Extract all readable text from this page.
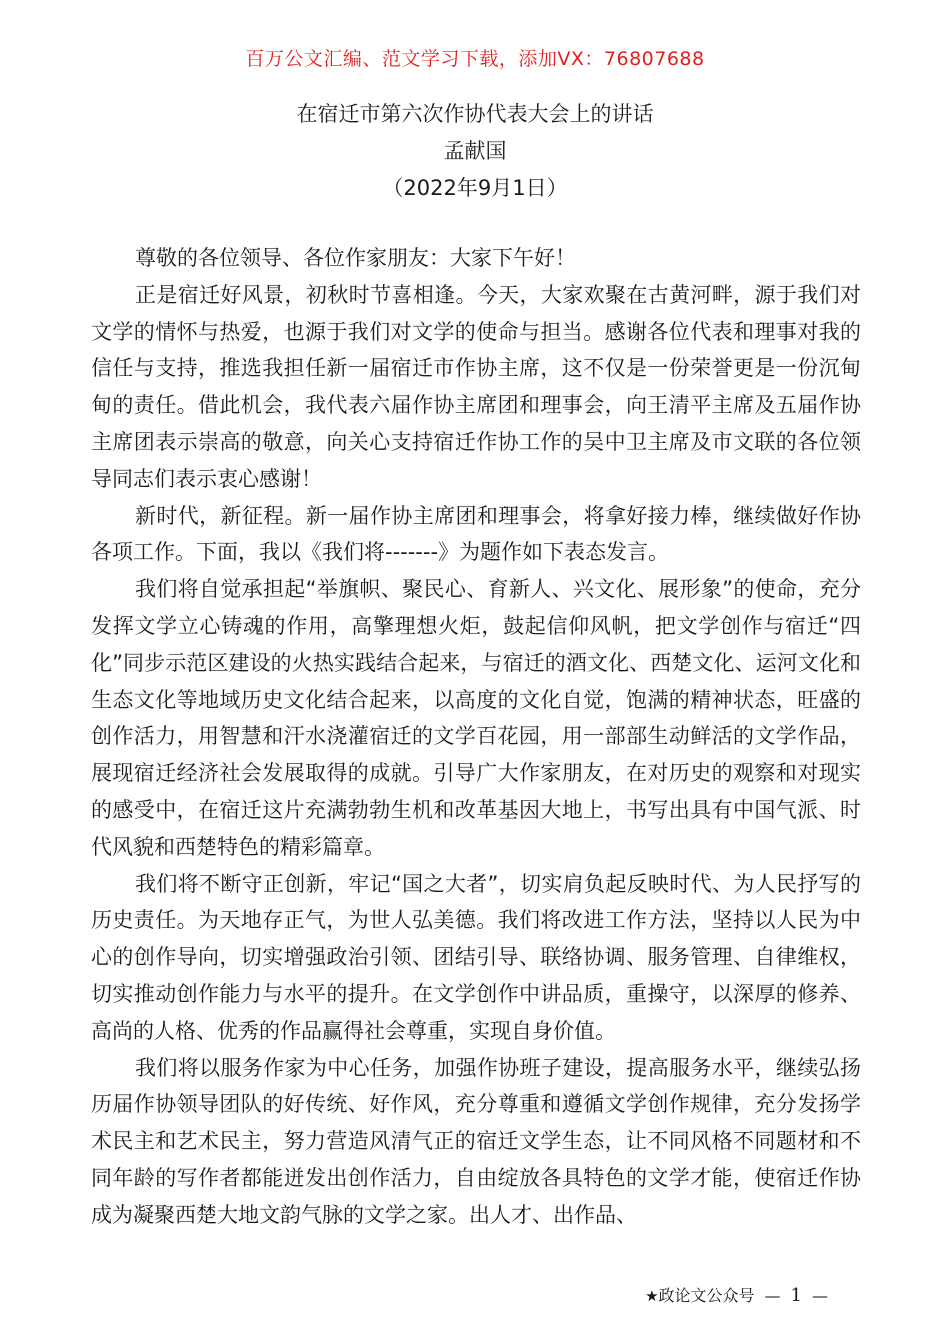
百万公文汇编、范文学习下载，添加VX：76807688
在宿迁市第六次作协代表大会上的讲话
孟献国
（2022年9月1日）

尊敬的各位领导、各位作家朋友：大家下午好！

正是宿迁好风景，初秋时节喜相逢。今天，大家欢聚在古黄河畔，源于我们对文学的情怀与热爱，也源于我们对文学的使命与担当。感谢各位代表和理事对我的信任与支持，推选我担任新一届宿迁市作协主席，这不仅是一份荣誉更是一份沉甸甸的责任。借此机会，我代表六届作协主席团和理事会，向王清平主席及五届作协主席团表示崇高的敬意，向关心支持宿迁作协工作的吴中卫主席及市文联的各位领导同志们表示衷心感谢！

新时代，新征程。新一届作协主席团和理事会，将拿好接力棒，继续做好作协各项工作。下面，我以《我们将-------》为题作如下表态发言。

我们将自觉承担起“举旗帜、聚民心、育新人、兴文化、展形象”的使命，充分发挥文学立心铸魂的作用，高擎理想火炬，鼓起信仰风帆，把文学创作与宿迁“四化”同步示范区建设的火热实践结合起来，与宿迁的酒文化、西楚文化、运河文化和生态文化等地域历史文化结合起来，以高度的文化自觉，饱满的精神状态，旺盛的创作活力，用智慧和汗水浇灌宿迁的文学百花园，用一部部生动鲜活的文学作品，展现宿迁经济社会发展取得的成就。引导广大作家朋友，在对历史的观察和对现实的感受中，在宿迁这片充满勃勃生机和改革基因大地上，书写出具有中国气派、时代风貌和西楚特色的精彩篇章。

我们将不断守正创新，牢记“国之大者”，切实肩负起反映时代、为人民抒写的历史责任。为天地存正气，为世人弘美德。我们将改进工作方法，坚持以人民为中心的创作导向，切实增强政治引领、团结引导、联络协调、服务管理、自律维权，切实推动创作能力与水平的提升。在文学创作中讲品质，重操守，以深厚的修养、高尚的人格、优秀的作品赢得社会尊重，实现自身价值。

我们将以服务作家为中心任务，加强作协班子建设，提高服务水平，继续弘扬历届作协领导团队的好传统、好作风，充分尊重和遵循文学创作规律，充分发扬学术民主和艺术民主，努力营造风清气正的宿迁文学生态，让不同风格不同题材和不同年龄的写作者都能迸发出创作活力，自由绽放各具特色的文学才能，使宿迁作协成为凝聚西楚大地文韵气脉的文学之家。出人才、出作品、

★政论文公众号 — 1 —
